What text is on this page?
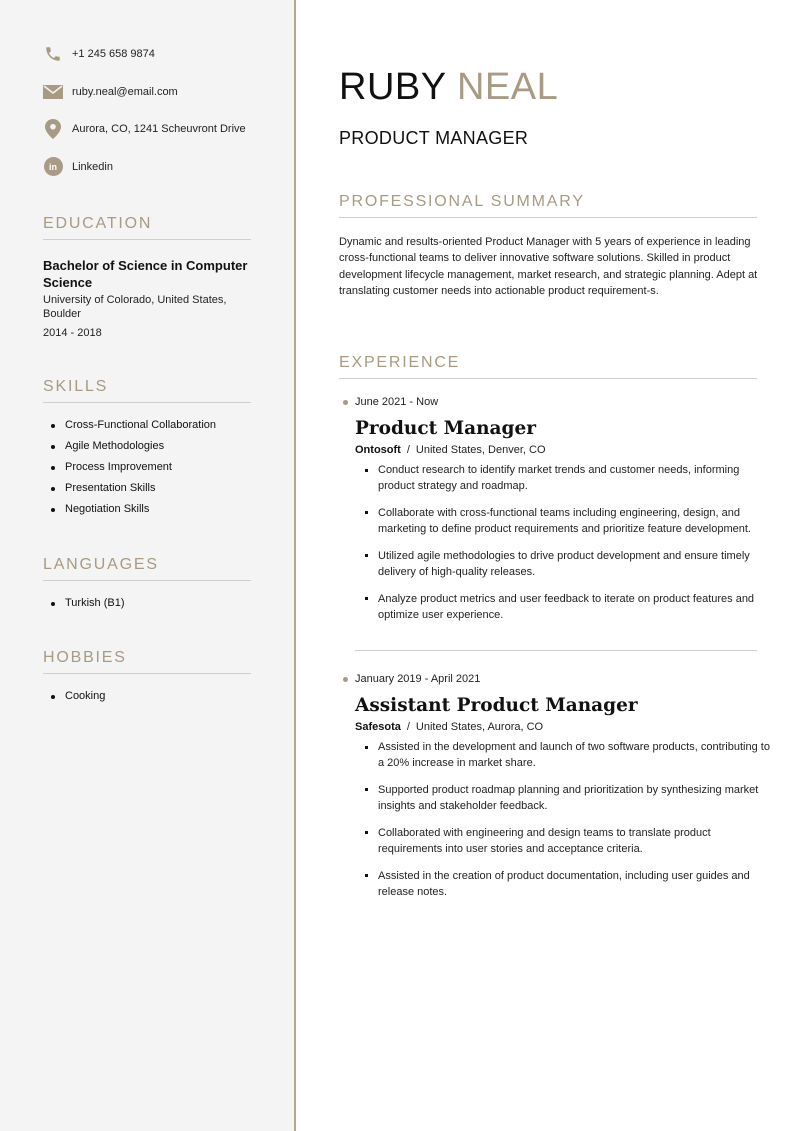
+1 245 658 9874
ruby.neal@email.com
Aurora, CO, 1241 Scheuvront Drive
in	Linkedin
EDUCATION
Bachelor of Science in Computer Science
University of Colorado, United States, Boulder
2014 - 2018
SKILLS
Cross-Functional Collaboration
Agile Methodologies
Process Improvement
Presentation Skills
Negotiation Skills
LANGUAGES
Turkish (B1)
HOBBIES
Cooking
RUBY NEAL
PRODUCT MANAGER
PROFESSIONAL SUMMARY
Dynamic and results-oriented Product Manager with 5 years of experience in leading cross-functional teams to deliver innovative software solutions. Skilled in product development lifecycle management, market research, and strategic planning. Adept at translating customer needs into actionable product requirement-s.
EXPERIENCE
June 2021 - Now
Product Manager
Ontosoft / United States, Denver, CO
Conduct research to identify market trends and customer needs, informing product strategy and roadmap.
Collaborate with cross-functional teams including engineering, design, and marketing to define product requirements and prioritize feature development.
Utilized agile methodologies to drive product development and ensure timely delivery of high-quality releases.
Analyze product metrics and user feedback to iterate on product features and optimize user experience.
January 2019 - April 2021
Assistant Product Manager
Safesota / United States, Aurora, CO
Assisted in the development and launch of two software products, contributing to a 20% increase in market share.
Supported product roadmap planning and prioritization by synthesizing market insights and stakeholder feedback.
Collaborated with engineering and design teams to translate product requirements into user stories and acceptance criteria.
Assisted in the creation of product documentation, including user guides and release notes.
